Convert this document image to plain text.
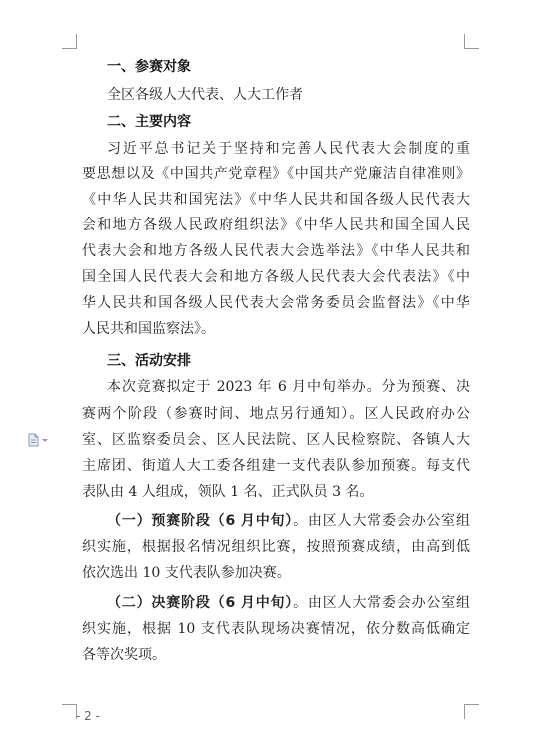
一、参赛对象
全区各级人大代表、人大工作者
二、主要内容
习近平总书记关于坚持和完善人民代表大会制度的重
要思想以及《中国共产党章程》《中国共产党廉洁自律准则》
《中华人民共和国宪法》《中华人民共和国各级人民代表大
会和地方各级人民政府组织法》《中华人民共和国全国人民
代表大会和地方各级人民代表大会选举法》《中华人民共和
国全国人民代表大会和地方各级人民代表大会代表法》《中
华人民共和国各级人民代表大会常务委员会监督法》《中华
人民共和国监察法》。
三、活动安排
本次竞赛拟定于 2023 年 6 月中旬举办。分为预赛、决
赛两个阶段（参赛时间、地点另行通知）。区人民政府办公
室、区监察委员会、区人民法院、区人民检察院、各镇人大
主席团、街道人大工委各组建一支代表队参加预赛。每支代
表队由 4 人组成，领队 1 名、正式队员 3 名。
（一）预赛阶段（6 月中旬）。由区人大常委会办公室组
织实施，根据报名情况组织比赛，按照预赛成绩，由高到低
依次选出 10 支代表队参加决赛。
（二）决赛阶段（6 月中旬）。由区人大常委会办公室组
织实施，根据 10 支代表队现场决赛情况，依分数高低确定
各等次奖项。
- 2 -
